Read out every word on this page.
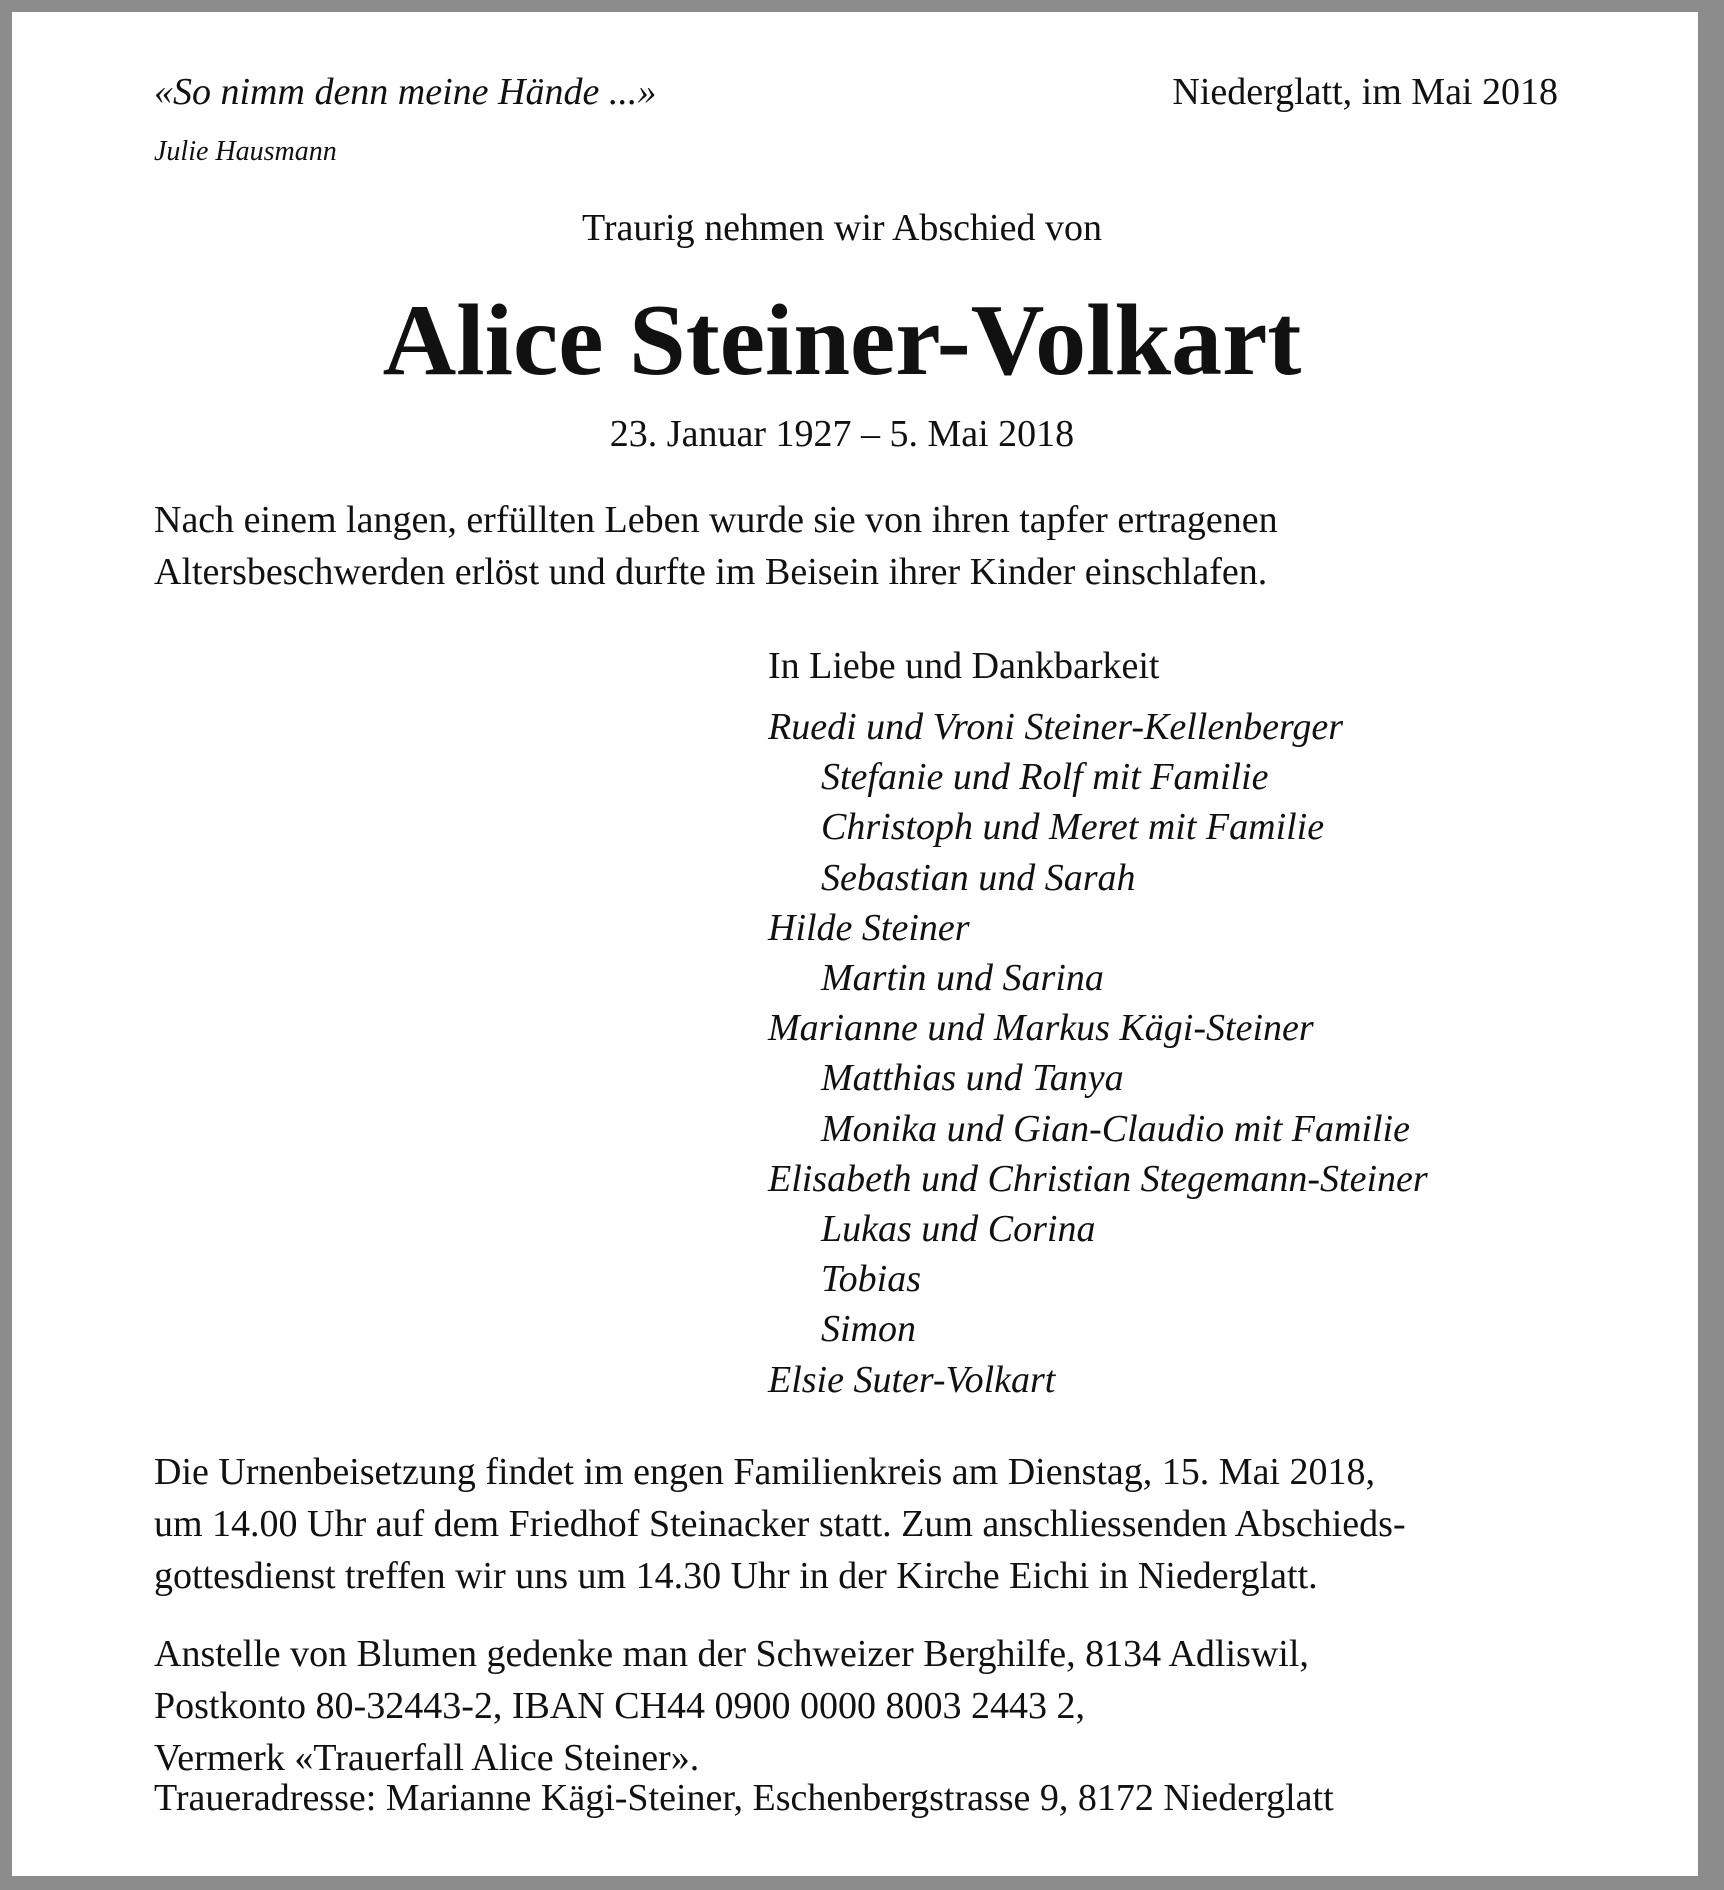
«So nimm denn meine Hände ...»
Julie Hausmann
Niederglatt, im Mai 2018
Traurig nehmen wir Abschied von
Alice Steiner-Volkart
23. Januar 1927 – 5. Mai 2018
Nach einem langen, erfüllten Leben wurde sie von ihren tapfer ertragenen
Altersbeschwerden erlöst und durfte im Beisein ihrer Kinder einschlafen.
In Liebe und Dankbarkeit
Ruedi und Vroni Steiner-Kellenberger
Stefanie und Rolf mit Familie
Christoph und Meret mit Familie
Sebastian und Sarah
Hilde Steiner
Martin und Sarina
Marianne und Markus Kägi-Steiner
Matthias und Tanya
Monika und Gian-Claudio mit Familie
Elisabeth und Christian Stegemann-Steiner
Lukas und Corina
Tobias
Simon
Elsie Suter-Volkart
Die Urnenbeisetzung findet im engen Familienkreis am Dienstag, 15. Mai 2018,
um 14.00 Uhr auf dem Friedhof Steinacker statt. Zum anschliessenden Abschieds-
gottesdienst treffen wir uns um 14.30 Uhr in der Kirche Eichi in Niederglatt.
Anstelle von Blumen gedenke man der Schweizer Berghilfe, 8134 Adliswil,
Postkonto 80-32443-2, IBAN CH44 0900 0000 8003 2443 2,
Vermerk «Trauerfall Alice Steiner».
Traueradresse: Marianne Kägi-Steiner, Eschenbergstrasse 9, 8172 Niederglatt
